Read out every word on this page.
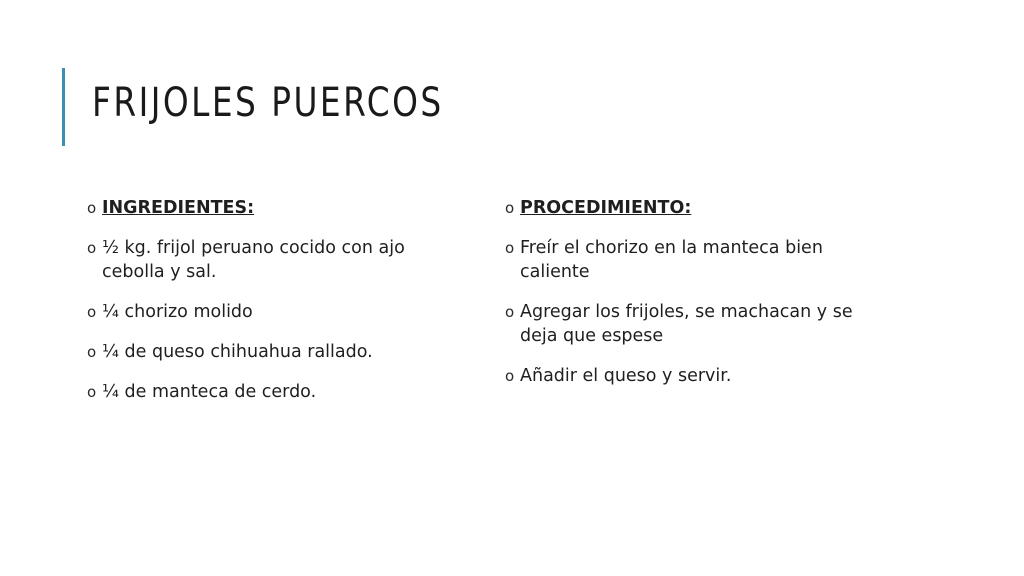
FRIJOLES PUERCOS
o INGREDIENTES:
o ½ kg. frijol peruano cocido con ajo cebolla y sal.
o ¼ chorizo molido
o ¼ de queso chihuahua rallado.
o ¼ de manteca de cerdo.
o PROCEDIMIENTO:
o Freír el chorizo en la manteca bien caliente
o Agregar los frijoles, se machacan y se deja que espese
o Añadir el queso y servir.
